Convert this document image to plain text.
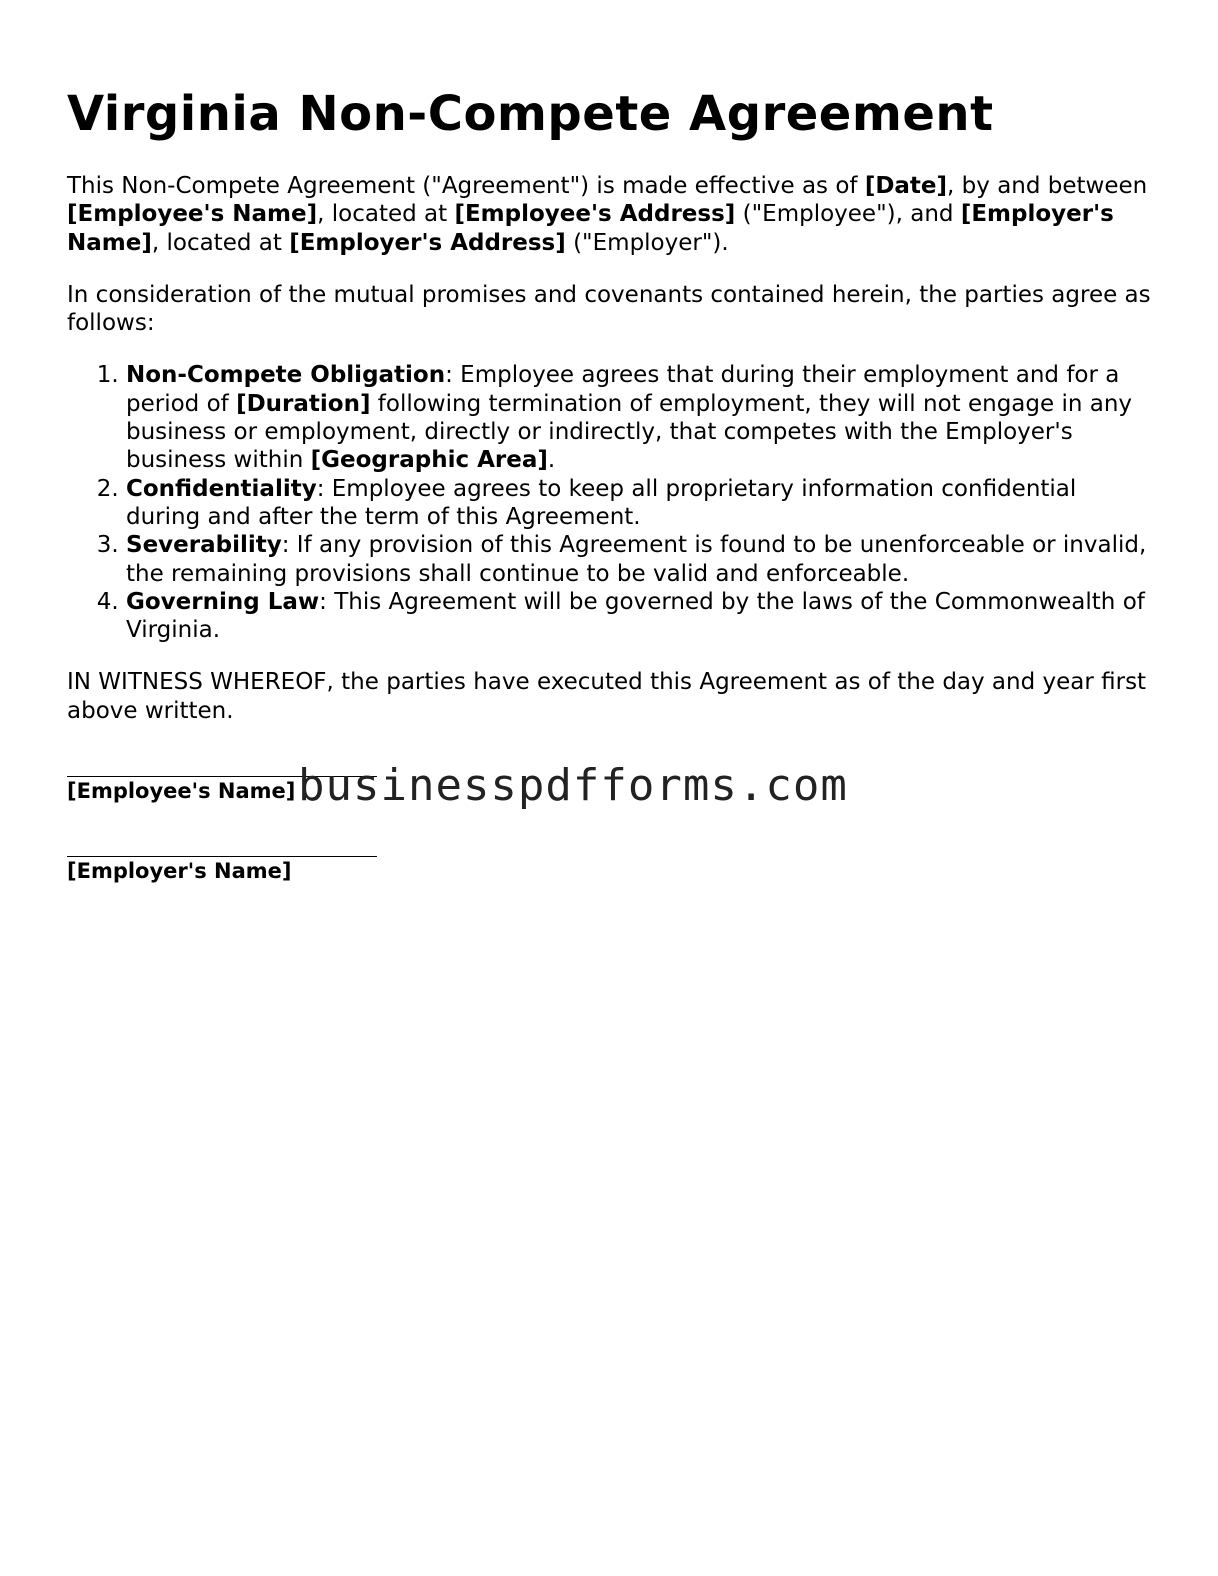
Virginia Non-Compete Agreement

This Non-Compete Agreement ("Agreement") is made effective as of [Date], by and between [Employee's Name], located at [Employee's Address] ("Employee"), and [Employer's Name], located at [Employer's Address] ("Employer").

In consideration of the mutual promises and covenants contained herein, the parties agree as follows:

1. Non-Compete Obligation: Employee agrees that during their employment and for a period of [Duration] following termination of employment, they will not engage in any business or employment, directly or indirectly, that competes with the Employer's business within [Geographic Area].
2. Confidentiality: Employee agrees to keep all proprietary information confidential during and after the term of this Agreement.
3. Severability: If any provision of this Agreement is found to be unenforceable or invalid, the remaining provisions shall continue to be valid and enforceable.
4. Governing Law: This Agreement will be governed by the laws of the Commonwealth of Virginia.

IN WITNESS WHEREOF, the parties have executed this Agreement as of the day and year first above written.

[Employee's Name]
[Employer's Name]
businesspdfforms.com
